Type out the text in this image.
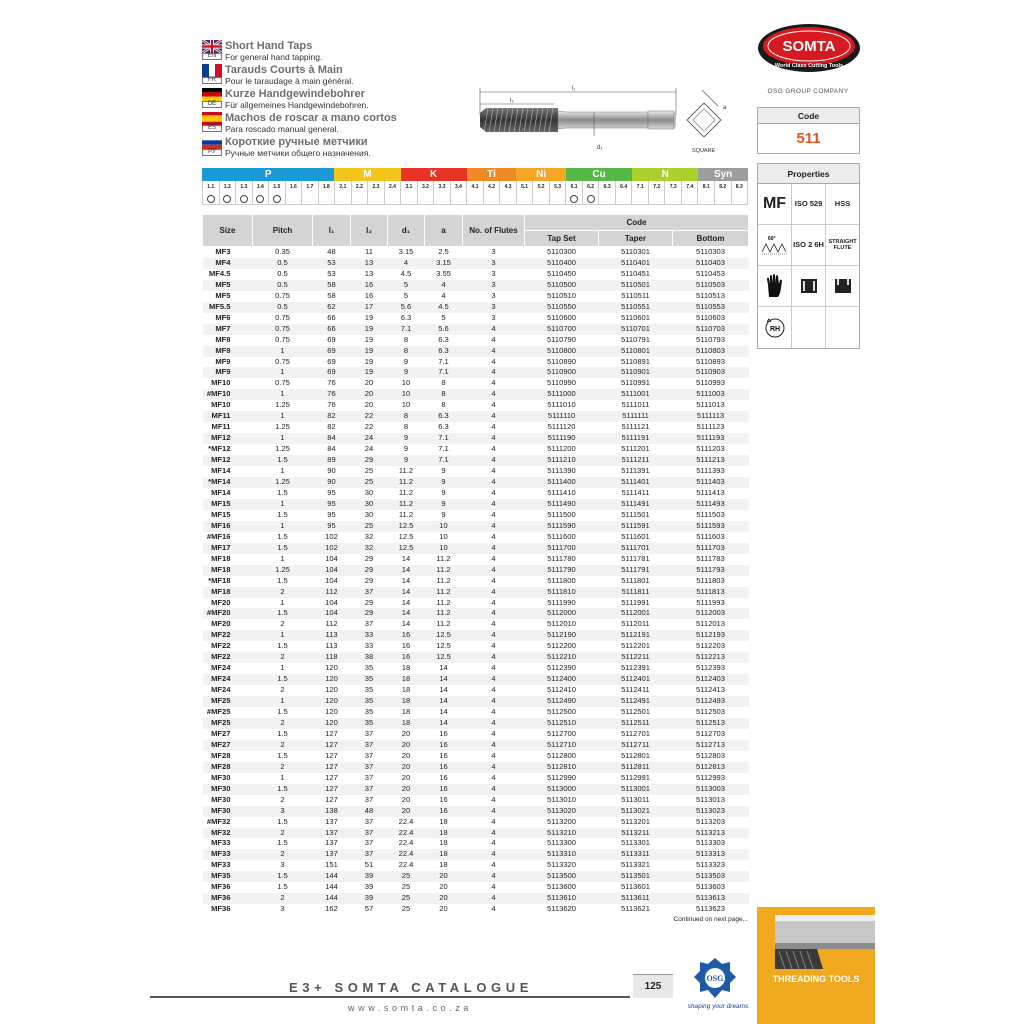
EN
Short Hand Taps
For general hand tapping.
FR
Tarauds Courts à Main
Pour le taraudage à main général.
DE
Kurze Handgewindebohrer
Für allgemeines Handgewindebohren.
ES
Machos de roscar a mano cortos
Para roscado manual general.
РУ
Короткие ручные метчики
Ручные метчики общего назначения.
l₁
l₂
d₁
a
SQUARE
P	M	K	Ti	Ni	Cu	N	Syn
1.1	1.2	1.3	1.4	1.5	1.6	1.7	1.8	2.1	2.2	2.3	2.4	3.1	3.2	3.3	3.4	4.1	4.2	4.3	5.1	5.2	5.3	6.1	6.2	6.3	6.4	7.1	7.2	7.3	7.4	8.1	8.2	8.3
Size	Pitch	l₁	l₂	d₁	a	No. of Flutes	Code		
							Tap Set	Taper	Bottom
MF3	0.35	48	11	3.15	2.5	3	5110300	5110301	5110303
MF4	0.5	53	13	4	3.15	3	5110400	5110401	5110403
MF4.5	0.5	53	13	4.5	3.55	3	5110450	5110451	5110453
MF5	0.5	58	16	5	4	3	5110500	5110501	5110503
MF5	0.75	58	16	5	4	3	5110510	5110511	5110513
MF5.5	0.5	62	17	5.6	4.5	3	5110550	5110551	5110553
MF6	0.75	66	19	6.3	5	3	5110600	5110601	5110603
MF7	0.75	66	19	7.1	5.6	4	5110700	5110701	5110703
MF8	0.75	69	19	8	6.3	4	5110790	5110791	5110793
MF8	1	69	19	8	6.3	4	5110800	5110801	5110803
MF9	0.75	69	19	9	7.1	4	5110890	5110891	5110893
MF9	1	69	19	9	7.1	4	5110900	5110901	5110903
MF10	0.75	76	20	10	8	4	5110990	5110991	5110993
#MF10	1	76	20	10	8	4	5111000	5111001	5111003
MF10	1.25	76	20	10	8	4	5111010	5111011	5111013
MF11	1	82	22	8	6.3	4	5111110	5111111	5111113
MF11	1.25	82	22	8	6.3	4	5111120	5111121	5111123
MF12	1	84	24	9	7.1	4	5111190	5111191	5111193
*MF12	1.25	84	24	9	7.1	4	5111200	5111201	5111203
MF12	1.5	89	29	9	7.1	4	5111210	5111211	5111213
MF14	1	90	25	11.2	9	4	5111390	5111391	5111393
*MF14	1.25	90	25	11.2	9	4	5111400	5111401	5111403
MF14	1.5	95	30	11.2	9	4	5111410	5111411	5111413
MF15	1	95	30	11.2	9	4	5111490	5111491	5111493
MF15	1.5	95	30	11.2	9	4	5111500	5111501	5111503
MF16	1	95	25	12.5	10	4	5111590	5111591	5111593
#MF16	1.5	102	32	12.5	10	4	5111600	5111601	5111603
MF17	1.5	102	32	12.5	10	4	5111700	5111701	5111703
MF18	1	104	29	14	11.2	4	5111780	5111781	5111783
MF18	1.25	104	29	14	11.2	4	5111790	5111791	5111793
*MF18	1.5	104	29	14	11.2	4	5111800	5111801	5111803
MF18	2	112	37	14	11.2	4	5111810	5111811	5111813
MF20	1	104	29	14	11.2	4	5111990	5111991	5111993
#MF20	1.5	104	29	14	11.2	4	5112000	5112001	5112003
MF20	2	112	37	14	11.2	4	5112010	5112011	5112013
MF22	1	113	33	16	12.5	4	5112190	5112191	5112193
MF22	1.5	113	33	16	12.5	4	5112200	5112201	5112203
MF22	2	118	38	16	12.5	4	5112210	5112211	5112213
MF24	1	120	35	18	14	4	5112390	5112391	5112393
MF24	1.5	120	35	18	14	4	5112400	5112401	5112403
MF24	2	120	35	18	14	4	5112410	5112411	5112413
MF25	1	120	35	18	14	4	5112490	5112491	5112493
#MF25	1.5	120	35	18	14	4	5112500	5112501	5112503
MF25	2	120	35	18	14	4	5112510	5112511	5112513
MF27	1.5	127	37	20	16	4	5112700	5112701	5112703
MF27	2	127	37	20	16	4	5112710	5112711	5112713
MF28	1.5	127	37	20	16	4	5112800	5112801	5112803
MF28	2	127	37	20	16	4	5112810	5112811	5112813
MF30	1	127	37	20	16	4	5112990	5112991	5112993
MF30	1.5	127	37	20	16	4	5113000	5113001	5113003
MF30	2	127	37	20	16	4	5113010	5113011	5113013
MF30	3	138	48	20	16	4	5113020	5113021	5113023
#MF32	1.5	137	37	22.4	18	4	5113200	5113201	5113203
MF32	2	137	37	22.4	18	4	5113210	5113211	5113213
MF33	1.5	137	37	22.4	18	4	5113300	5113301	5113303
MF33	2	137	37	22.4	18	4	5113310	5113311	5113313
MF33	3	151	51	22.4	18	4	5113320	5113321	5113323
MF35	1.5	144	39	25	20	4	5113500	5113501	5113503
MF36	1.5	144	39	25	20	4	5113600	5113601	5113603
MF36	2	144	39	25	20	4	5113610	5113611	5113613
MF36	3	162	57	25	20	4	5113620	5113621	5113623
Continued on next page...
SOMTA
World Class Cutting Tools
OSG GROUP COMPANY
Code
511
Properties
MF	ISO 529	HSS
60°
ISO 2 6H STRAIGHT FLUTE
RH
THREADING TOOLS
E3+ SOMTA CATALOGUE
www.somta.co.za
125
OSG
shaping your dreams
